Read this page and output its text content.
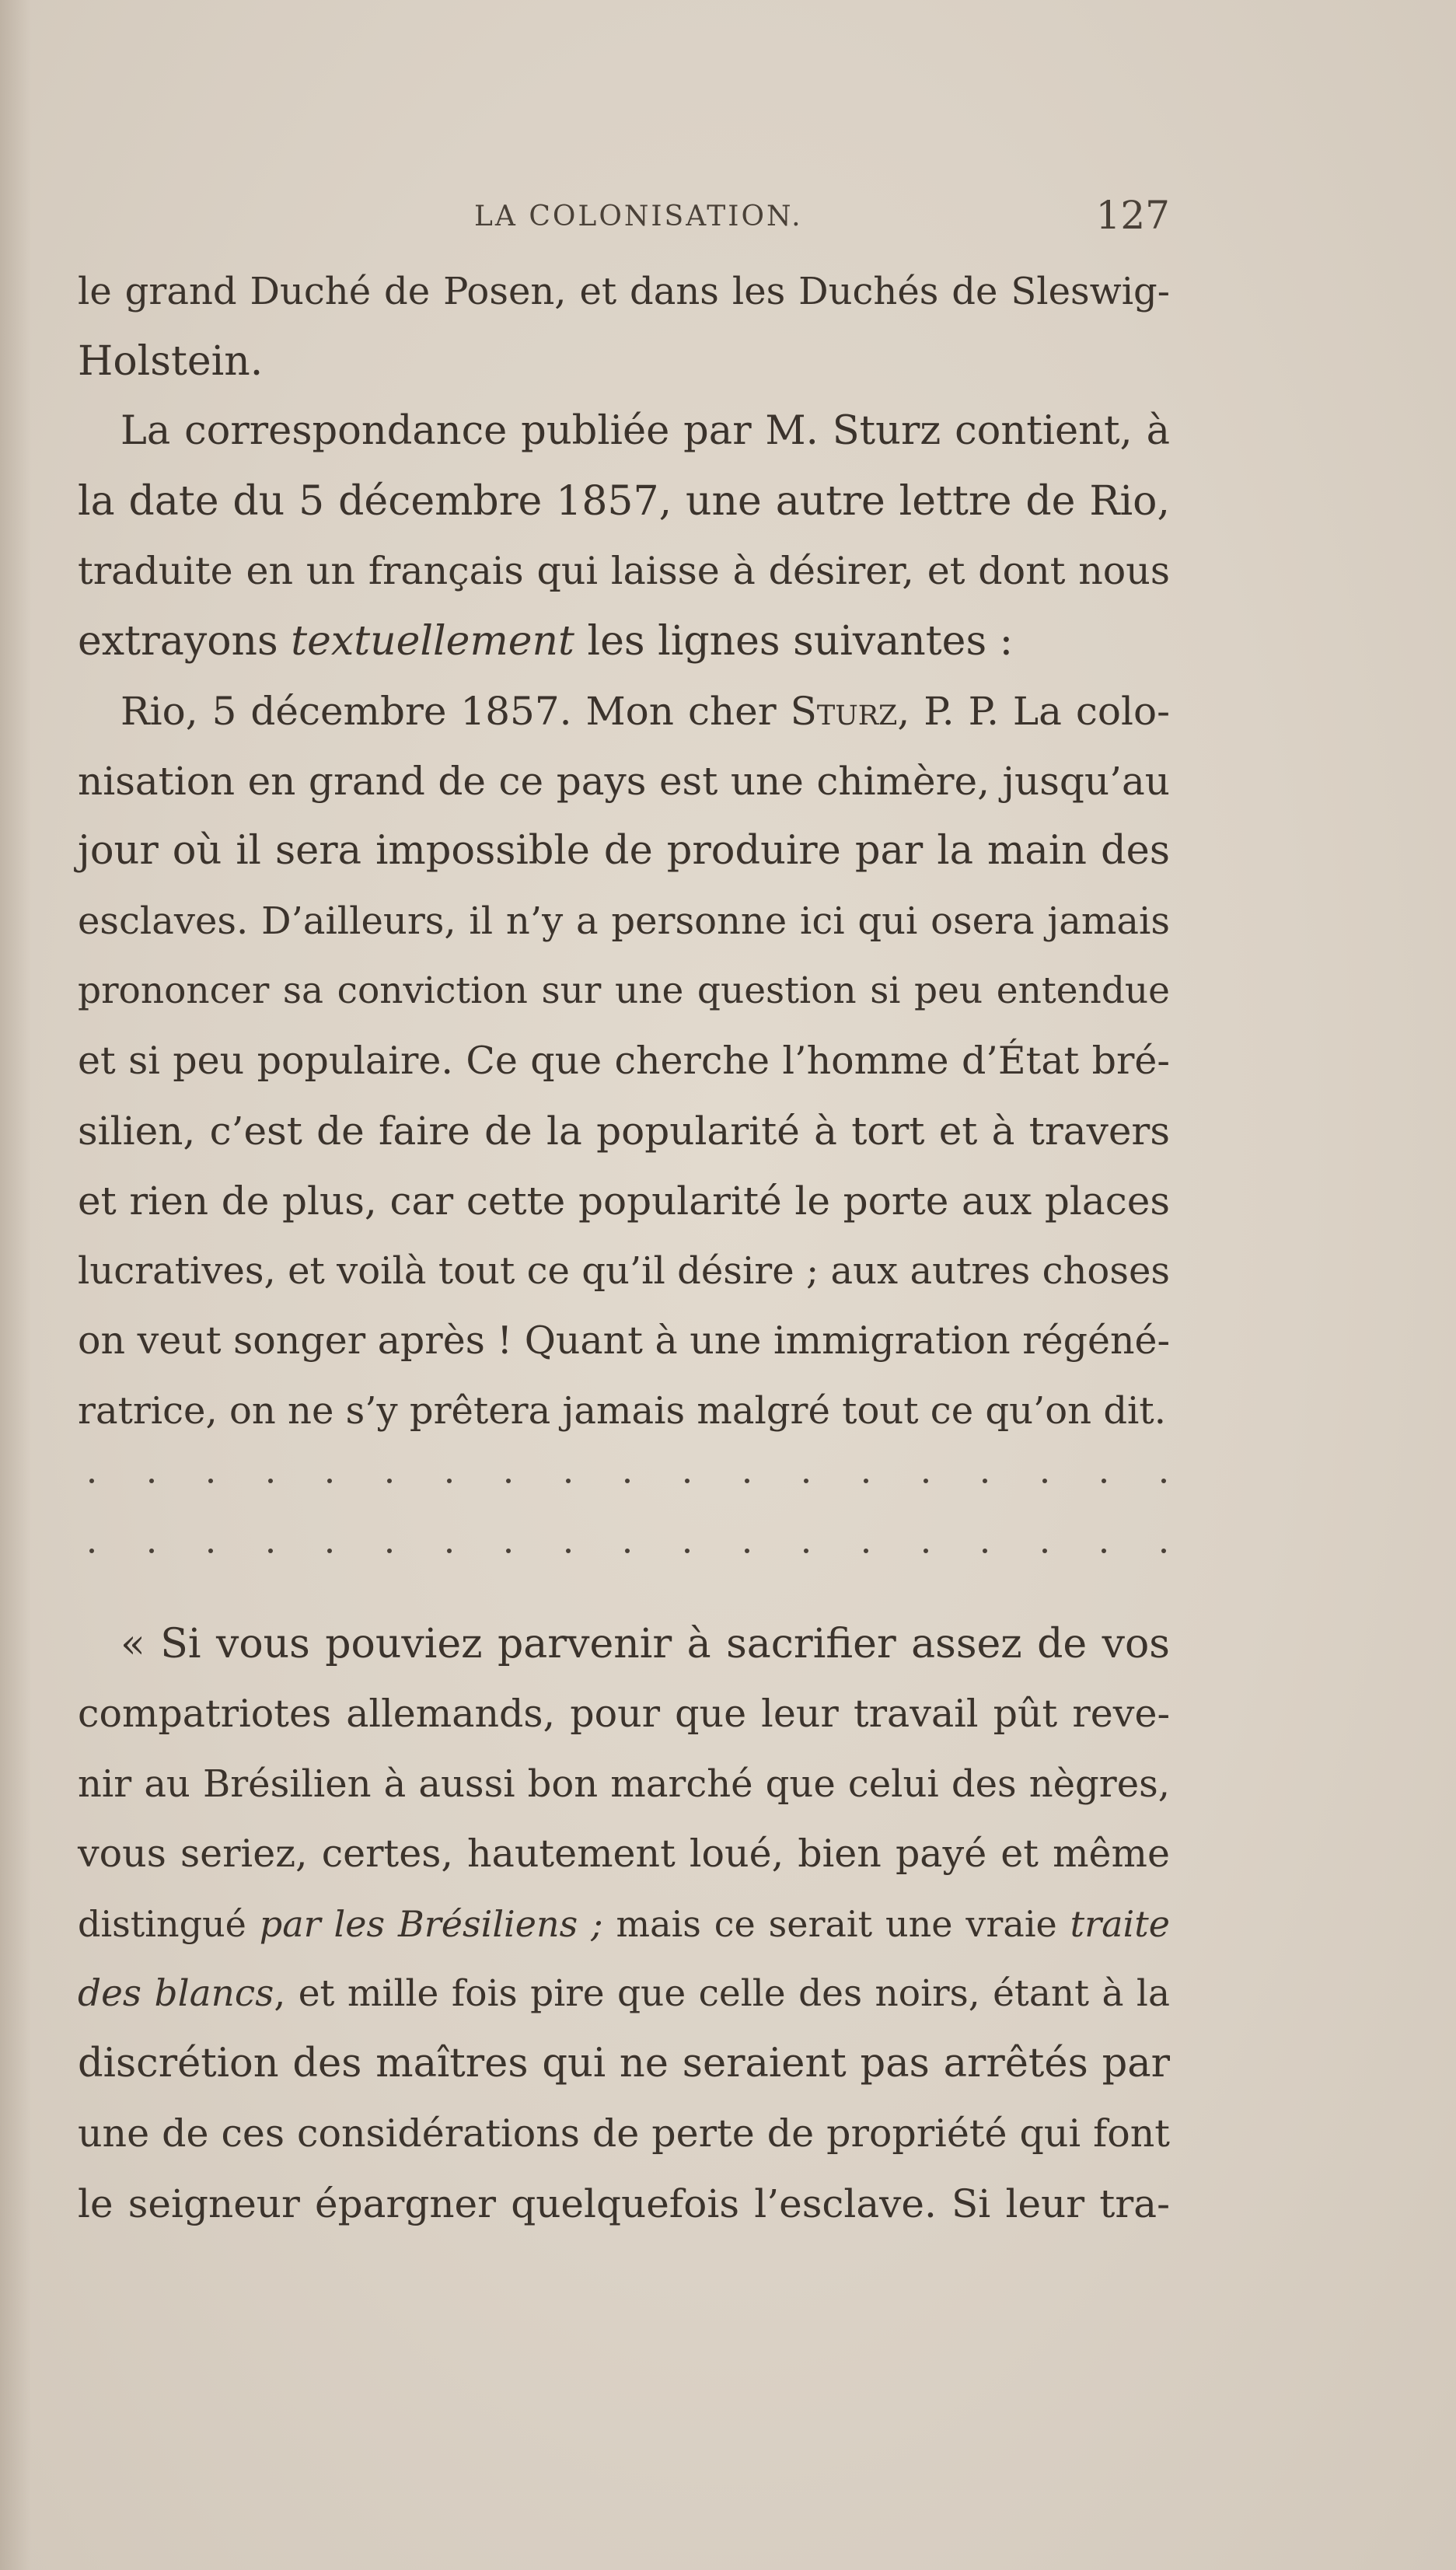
LA COLONISATION.	127
le grand Duché de Posen, et dans les Duchés de Sleswig-
Holstein.
La correspondance publiée par M. Sturz contient, à
la date du 5 décembre 1857, une autre lettre de Rio,
traduite en un français qui laisse à désirer, et dont nous
extrayons textuellement les lignes suivantes :
Rio, 5 décembre 1857. Mon cher Sturz, P. P. La colo-
nisation en grand de ce pays est une chimère, jusqu’au
jour où il sera impossible de produire par la main des
esclaves. D’ailleurs, il n’y a personne ici qui osera jamais
prononcer sa conviction sur une question si peu entendue
et si peu populaire. Ce que cherche l’homme d’État bré-
silien, c’est de faire de la popularité à tort et à travers
et rien de plus, car cette popularité le porte aux places
lucratives, et voilà tout ce qu’il désire ; aux autres choses
on veut songer après ! Quant à une immigration régéné-
ratrice, on ne s’y prêtera jamais malgré tout ce qu’on dit.
« Si vous pouviez parvenir à sacrifier assez de vos
compatriotes allemands, pour que leur travail pût reve-
nir au Brésilien à aussi bon marché que celui des nègres,
vous seriez, certes, hautement loué, bien payé et même
distingué par les Brésiliens ; mais ce serait une vraie traite
des blancs, et mille fois pire que celle des noirs, étant à la
discrétion des maîtres qui ne seraient pas arrêtés par
une de ces considérations de perte de propriété qui font
le seigneur épargner quelquefois l’esclave. Si leur tra-
